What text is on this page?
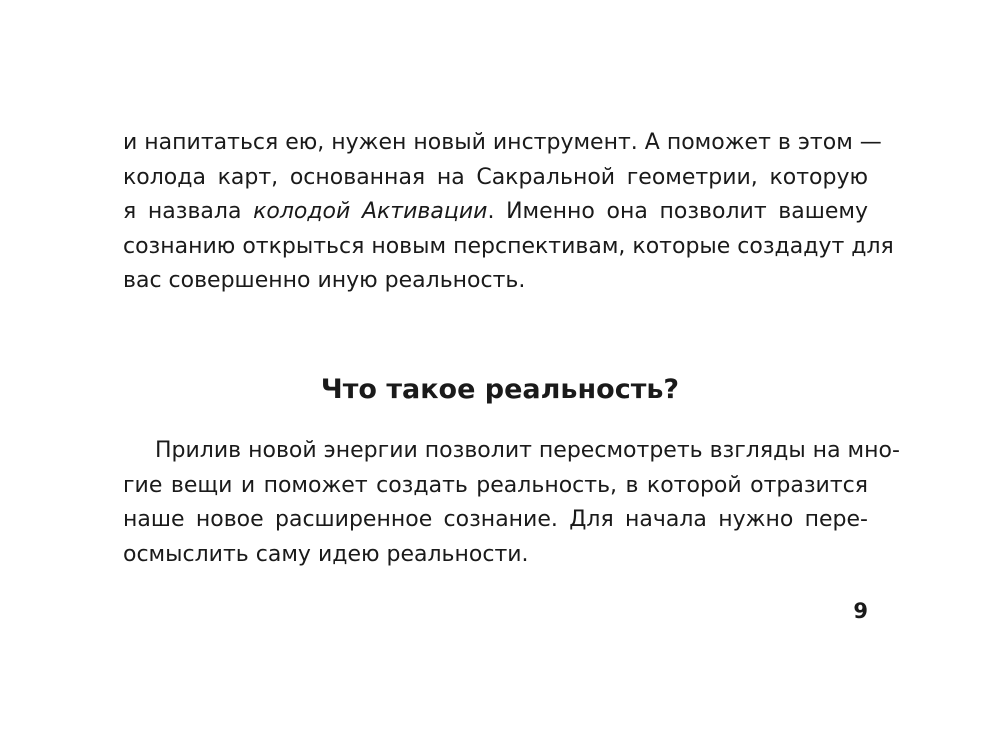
и напитаться ею, нужен новый инструмент. А поможет в этом —
колода карт, основанная на Сакральной геометрии, которую
я назвала колодой Активации. Именно она позволит вашему
сознанию открыться новым перспективам, которые создадут для
вас совершенно иную реальность.
Что такое реальность?
Прилив новой энергии позволит пересмотреть взгляды на мно-
гие вещи и поможет создать реальность, в которой отразится
наше новое расширенное сознание. Для начала нужно пере-
осмыслить саму идею реальности.
9
